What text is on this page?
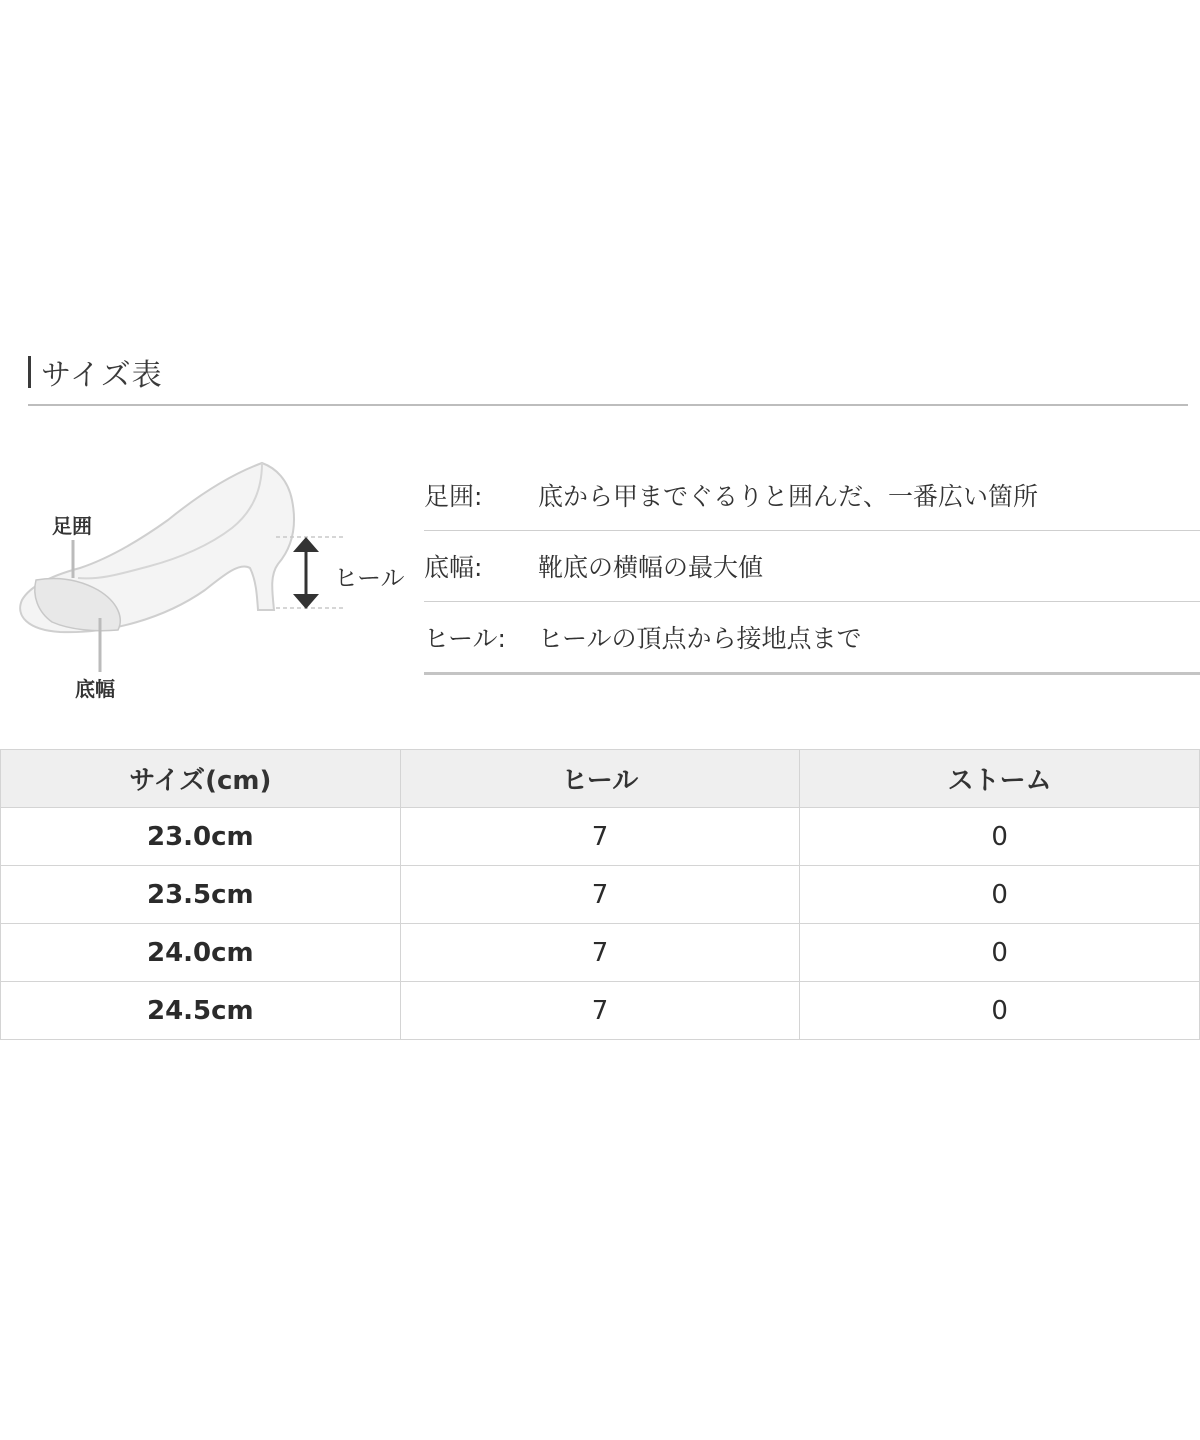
サイズ表
足囲
底幅
ヒール
足囲:	底から甲までぐるりと囲んだ、一番広い箇所
底幅:	靴底の横幅の最大値
ヒール:	ヒールの頂点から接地点まで
サイズ(cm)	ヒール	ストーム
23.0cm	7	0
23.5cm	7	0
24.0cm	7	0
24.5cm	7	0
